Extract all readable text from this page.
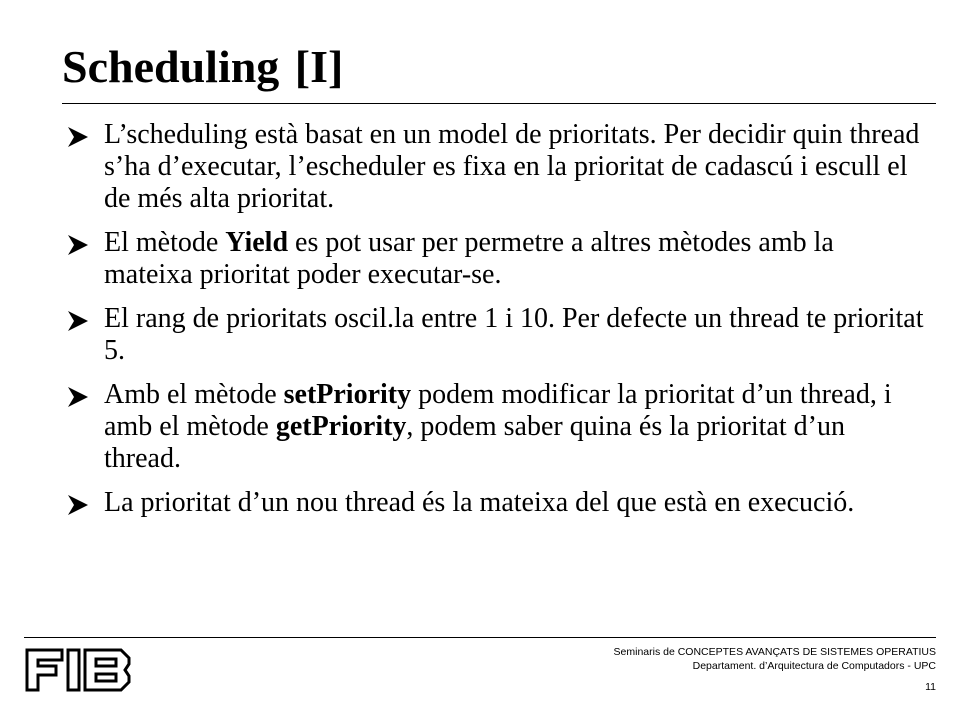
Scheduling [I]
L’scheduling està basat en un model de prioritats. Per decidir quin thread s’ha d’executar, l’escheduler es fixa en la prioritat de cadascú i escull el de més alta prioritat.
El mètode Yield es pot usar per permetre a altres mètodes amb la mateixa prioritat poder executar-se.
El rang de prioritats oscil.la entre 1 i 10. Per defecte un thread te prioritat 5.
Amb el mètode setPriority podem modificar la prioritat d’un thread, i amb el mètode getPriority, podem saber quina és la prioritat d’un thread.
La prioritat d’un nou thread és la mateixa del que està en execució.
Seminaris de CONCEPTES AVANÇATS DE SISTEMES OPERATIUS
Departament. d’Arquitectura de Computadors - UPC
11
